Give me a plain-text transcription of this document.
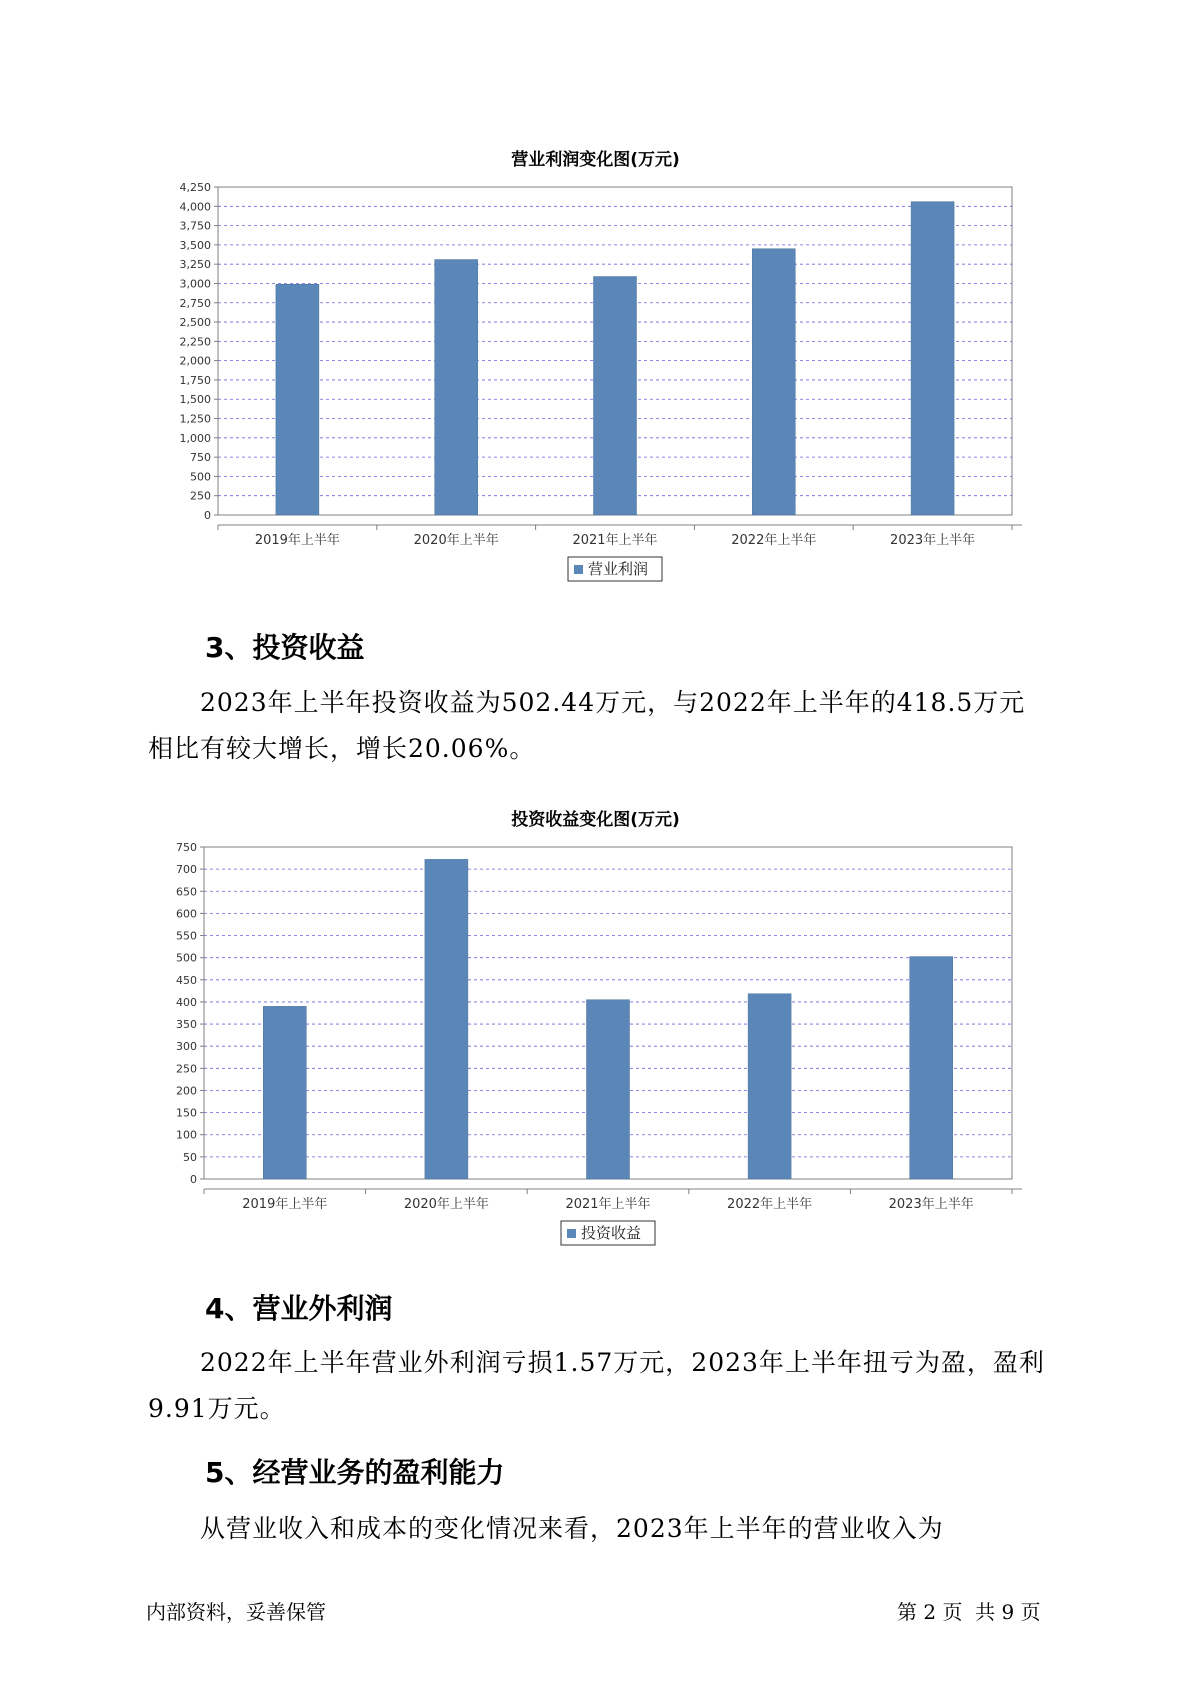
营业利润变化图(万元)
0
250
500
750
1,000
1,250
1,500
1,750
2,000
2,250
2,500
2,750
3,000
3,250
3,500
3,750
4,000
4,250
2019年上半年	2020年上半年	2021年上半年	2022年上半年	2023年上半年
营业利润
3、投资收益
2023年上半年投资收益为502.44万元，与2022年上半年的418.5万元相比有较大增长，增长20.06%。
投资收益变化图(万元)
0
50
100
150
200
250
300
350
400
450
500
550
600
650
700
750
2019年上半年	2020年上半年	2021年上半年	2022年上半年	2023年上半年
投资收益
4、营业外利润
2022年上半年营业外利润亏损1.57万元，2023年上半年扭亏为盈，盈利9.91万元。
5、经营业务的盈利能力
从营业收入和成本的变化情况来看，2023年上半年的营业收入为
内部资料，妥善保管	第 2 页  共 9 页
